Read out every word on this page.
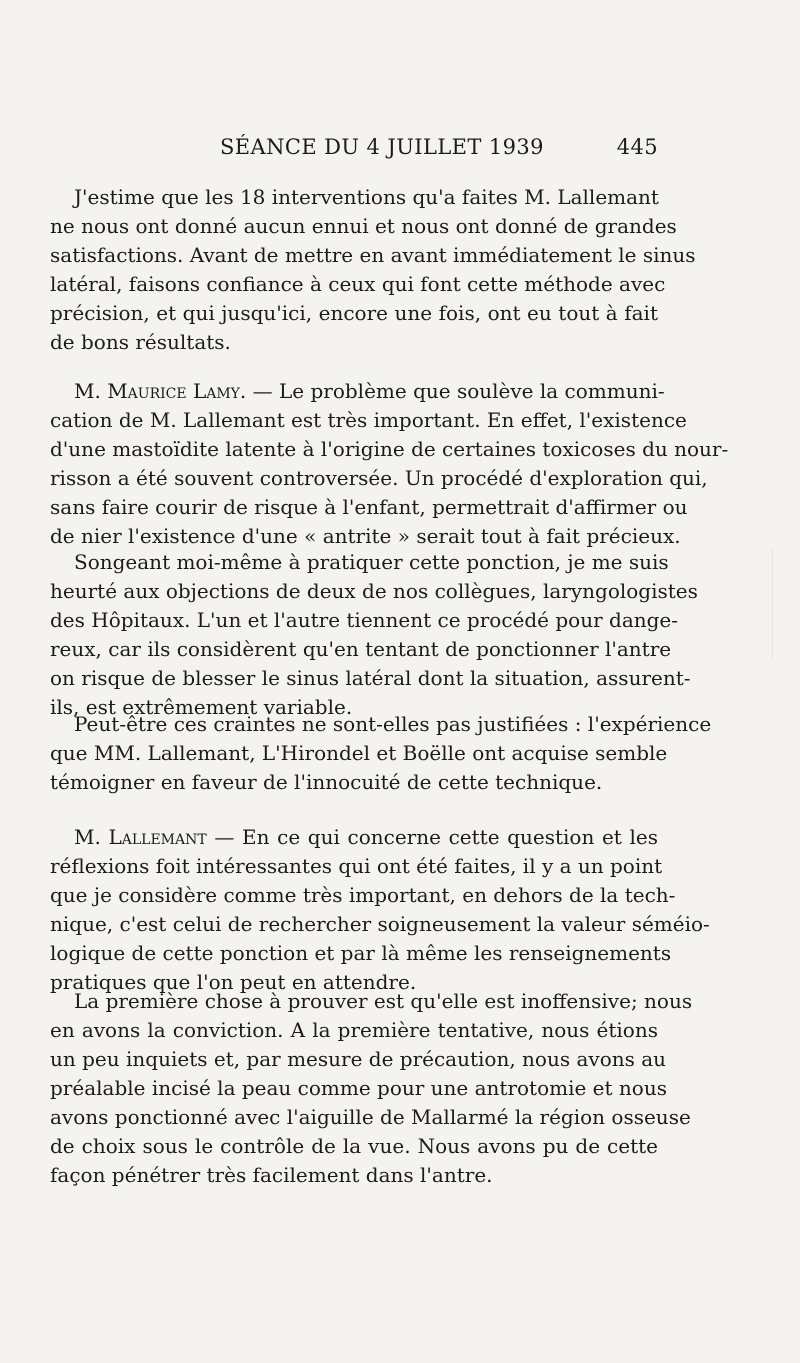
SÉANCE DU 4 JUILLET 1939	445
J'estime que les 18 interventions qu'a faites M. Lallemant
ne nous ont donné aucun ennui et nous ont donné de grandes
satisfactions. Avant de mettre en avant immédiatement le sinus
latéral, faisons confiance à ceux qui font cette méthode avec
précision, et qui jusqu'ici, encore une fois, ont eu tout à fait
de bons résultats.
M. Maurice Lamy. — Le problème que soulève la communi-
cation de M. Lallemant est très important. En effet, l'existence
d'une mastoïdite latente à l'origine de certaines toxicoses du nour-
risson a été souvent controversée. Un procédé d'exploration qui,
sans faire courir de risque à l'enfant, permettrait d'affirmer ou
de nier l'existence d'une « antrite » serait tout à fait précieux.
Songeant moi-même à pratiquer cette ponction, je me suis
heurté aux objections de deux de nos collègues, laryngologistes
des Hôpitaux. L'un et l'autre tiennent ce procédé pour dange-
reux, car ils considèrent qu'en tentant de ponctionner l'antre
on risque de blesser le sinus latéral dont la situation, assurent-
ils, est extrêmement variable.
Peut-être ces craintes ne sont-elles pas justifiées : l'expérience
que MM. Lallemant, L'Hirondel et Boëlle ont acquise semble
témoigner en faveur de l'innocuité de cette technique.
M. Lallemant — En ce qui concerne cette question et les
réflexions foit intéressantes qui ont été faites, il y a un point
que je considère comme très important, en dehors de la tech-
nique, c'est celui de rechercher soigneusement la valeur séméio-
logique de cette ponction et par là même les renseignements
pratiques que l'on peut en attendre.
La première chose à prouver est qu'elle est inoffensive; nous
en avons la conviction. A la première tentative, nous étions
un peu inquiets et, par mesure de précaution, nous avons au
préalable incisé la peau comme pour une antrotomie et nous
avons ponctionné avec l'aiguille de Mallarmé la région osseuse
de choix sous le contrôle de la vue. Nous avons pu de cette
façon pénétrer très facilement dans l'antre.
